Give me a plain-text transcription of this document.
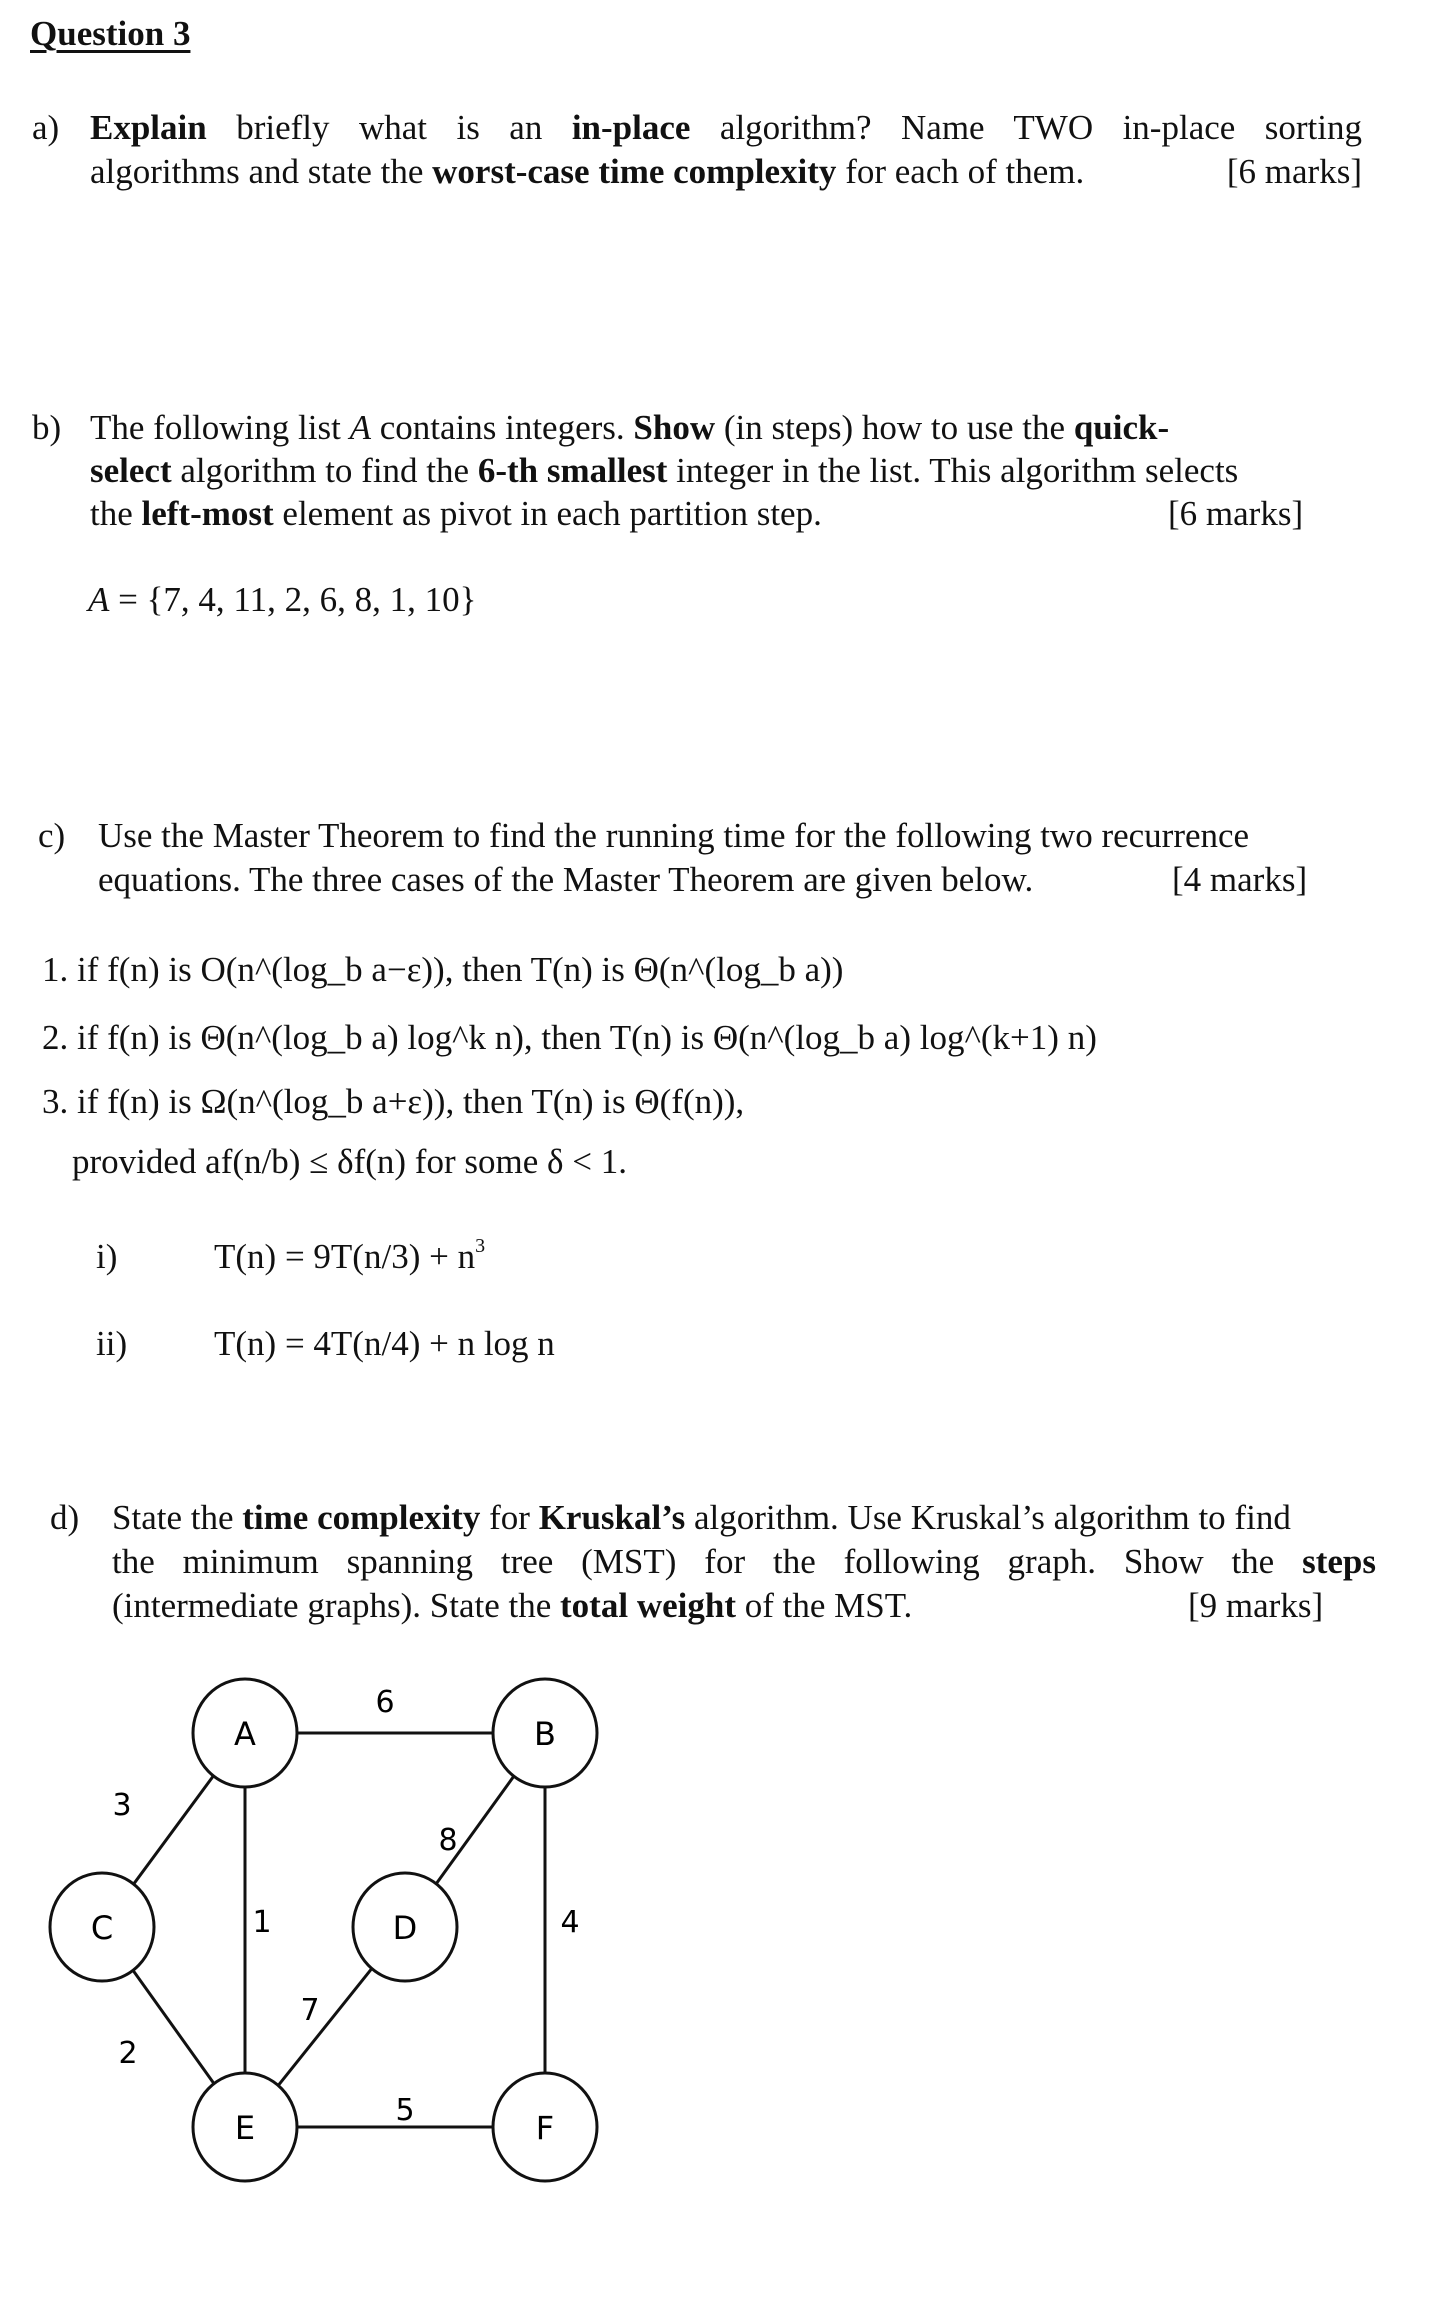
Question 3
a) Explain briefly what is an in-place algorithm? Name TWO in-place sorting
algorithms and state the worst-case time complexity for each of them.	[6 marks]
b) The following list A contains integers. Show (in steps) how to use the quick-
select algorithm to find the 6-th smallest integer in the list. This algorithm selects
the left-most element as pivot in each partition step.	[6 marks]
A = {7, 4, 11, 2, 6, 8, 1, 10}
c) Use the Master Theorem to find the running time for the following two recurrence
equations. The three cases of the Master Theorem are given below.	[4 marks]
1. if f(n) is O(n^(log_b a−ε)), then T(n) is Θ(n^(log_b a))
2. if f(n) is Θ(n^(log_b a) log^k n), then T(n) is Θ(n^(log_b a) log^(k+1) n)
3. if f(n) is Ω(n^(log_b a+ε)), then T(n) is Θ(f(n)),
provided af(n/b) ≤ δf(n) for some δ < 1.
i)	$T(n) = 9T(n/3) + n^3$
ii) T(n) = 4T(n/4) + n log n
d) State the time complexity for Kruskal’s algorithm. Use Kruskal’s algorithm to find
the minimum spanning tree (MST) for the following graph. Show the steps
(intermediate graphs). State the total weight of the MST.	[9 marks]
6
3
1
8
4
2
7
5
A	B
C	D
E	F
